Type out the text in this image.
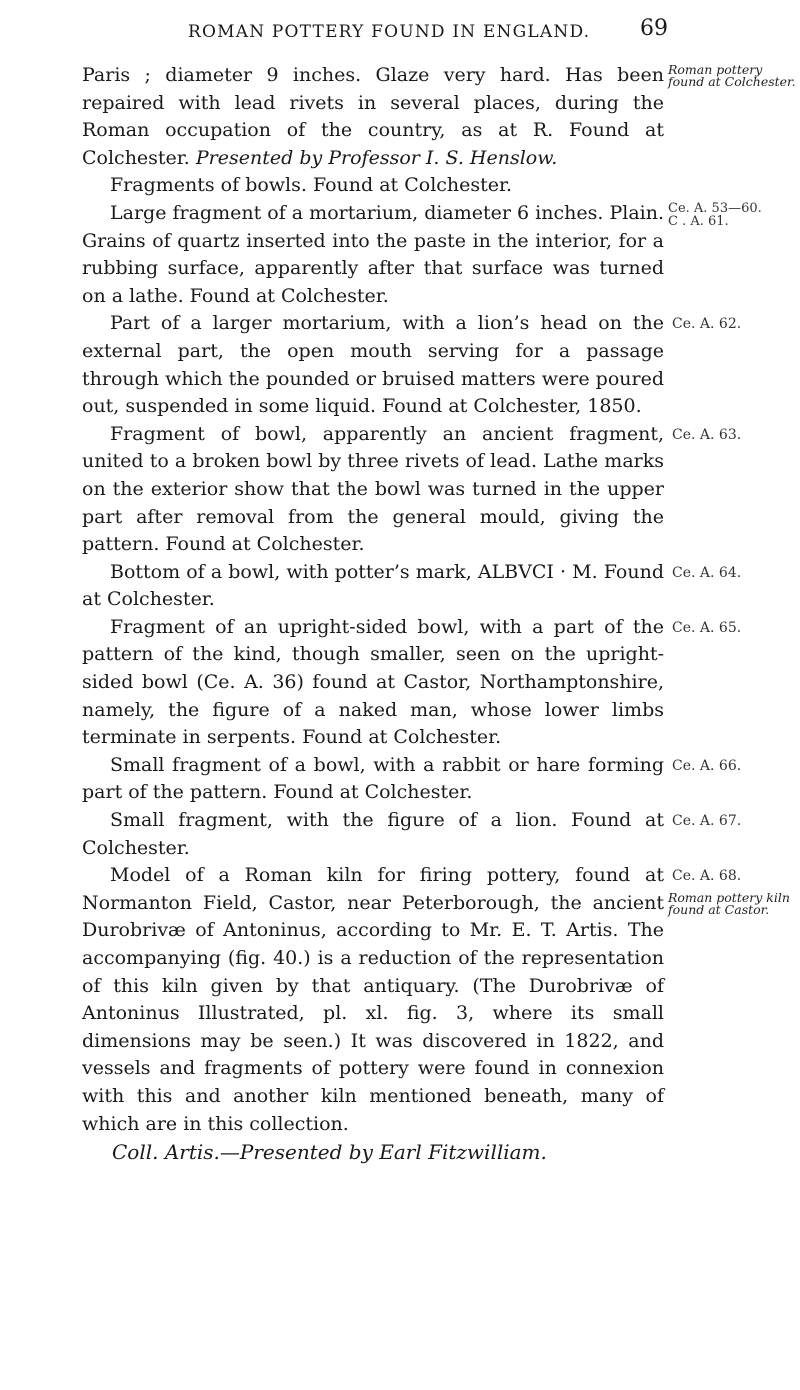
ROMAN POTTERY FOUND IN ENGLAND. 69
Roman pottery found at Colchester.
Paris ; diameter 9 inches. Glaze very hard. Has been repaired with lead rivets in several places, during the Roman occupation of the country, as at R. Found at Colchester. Presented by Professor I. S. Henslow.
Fragments of bowls. Found at Colchester.
Ce. A. 53—60.
C . A. 61.
Large fragment of a mortarium, diameter 6 inches. Plain. Grains of quartz inserted into the paste in the interior, for a rubbing surface, apparently after that surface was turned on a lathe. Found at Colchester.
Ce. A. 62.
Part of a larger mortarium, with a lion’s head on the external part, the open mouth serving for a passage through which the pounded or bruised matters were poured out, suspended in some liquid. Found at Colchester, 1850.
Ce. A. 63.
Fragment of bowl, apparently an ancient fragment, united to a broken bowl by three rivets of lead. Lathe marks on the exterior show that the bowl was turned in the upper part after removal from the general mould, giving the pattern. Found at Colchester.
Ce. A. 64.
Bottom of a bowl, with potter’s mark, ALBVCI · M. Found at Colchester.
Ce. A. 65.
Fragment of an upright-sided bowl, with a part of the pattern of the kind, though smaller, seen on the upright-sided bowl (Ce. A. 36) found at Castor, Northamptonshire, namely, the figure of a naked man, whose lower limbs terminate in serpents. Found at Colchester.
Ce. A. 66.
Small fragment of a bowl, with a rabbit or hare forming part of the pattern. Found at Colchester.
Ce. A. 67.
Small fragment, with the figure of a lion. Found at Colchester.
Ce. A. 68.
Roman pottery kiln found at Castor.
Model of a Roman kiln for firing pottery, found at Normanton Field, Castor, near Peterborough, the ancient Durobrivæ of Antoninus, according to Mr. E. T. Artis. The accompanying (fig. 40.) is a reduction of the representation of this kiln given by that antiquary. (The Durobrivæ of Antoninus Illustrated, pl. xl. fig. 3, where its small dimensions may be seen.) It was discovered in 1822, and vessels and fragments of pottery were found in connexion with this and another kiln mentioned beneath, many of which are in this collection.
Coll. Artis.—Presented by Earl Fitzwilliam.
